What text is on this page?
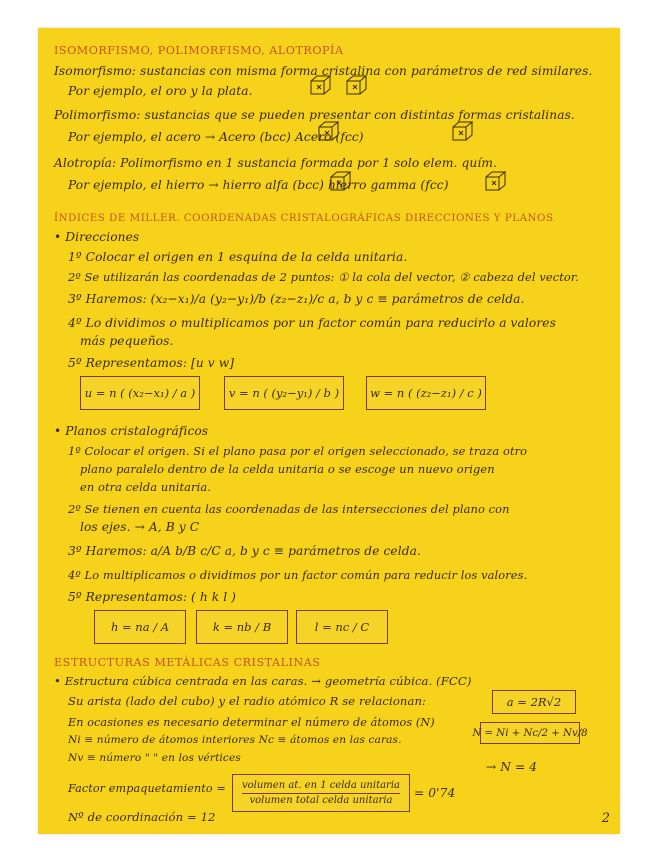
ISOMORFISMO, POLIMORFISMO, ALOTROPÍA
Isomorfismo: sustancias con misma forma cristalina con parámetros de red similares.
Por ejemplo, el oro y la plata.
Polimorfismo: sustancias que se pueden presentar con distintas formas cristalinas.
Por ejemplo, el acero → Acero (bcc) Acero (fcc)
Alotropía: Polimorfismo en 1 sustancia formada por 1 solo elem. quím.
Por ejemplo, el hierro → hierro alfa (bcc) hierro gamma (fcc)
ÍNDICES DE MILLER. COORDENADAS CRISTALOGRÁFICAS DIRECCIONES Y PLANOS
• Direcciones
1º Colocar el origen en 1 esquina de la celda unitaria.
2º Se utilizarán las coordenadas de 2 puntos: ① la cola del vector, ② cabeza del vector.
3º Haremos: (x₂−x₁)/a (y₂−y₁)/b (z₂−z₁)/c a, b y c ≡ parámetros de celda.
4º Lo dividimos o multiplicamos por un factor común para reducirlo a valores
más pequeños.
5º Representamos: [u v w]
u = n ( (x₂−x₁) / a )	v = n ( (y₂−y₁) / b )	w = n ( (z₂−z₁) / c )
• Planos cristalográficos
1º Colocar el origen. Si el plano pasa por el origen seleccionado, se traza otro
plano paralelo dentro de la celda unitaria o se escoge un nuevo origen
en otra celda unitaria.
2º Se tienen en cuenta las coordenadas de las intersecciones del plano con
los ejes. → A, B y C
3º Haremos: a/A b/B c/C a, b y c ≡ parámetros de celda.
4º Lo multiplicamos o dividimos por un factor común para reducir los valores.
5º Representamos: ( h k l )
h = na / A	k = nb / B	l = nc / C
ESTRUCTURAS METÁLICAS CRISTALINAS
• Estructura cúbica centrada en las caras. → geometría cúbica. (FCC)
Su arista (lado del cubo) y el radio atómico R se relacionan:	a = 2R√2
En ocasiones es necesario determinar el número de átomos (N)
Ni ≡ número de átomos interiores Nc ≡ átomos en las caras.
N = Ni + Nc/2 + Nv/8
Nv ≡ número " " en los vértices
→ N = 4
Factor empaquetamiento = volumen at. en 1 celda unitaria
volumen total celda unitaria = 0'74
Nº de coordinación = 12	2
